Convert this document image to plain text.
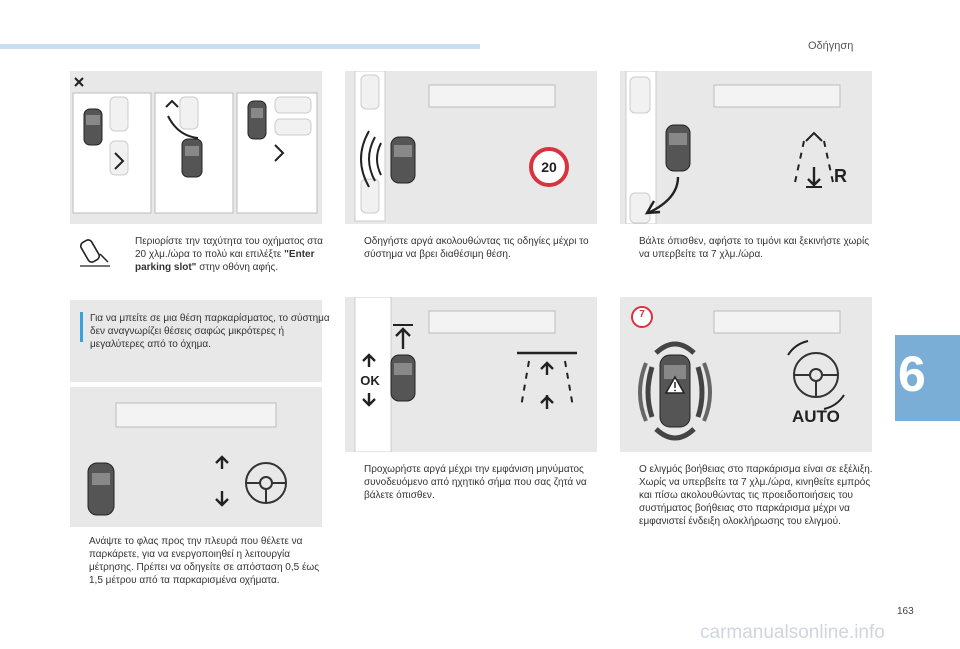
Οδήγηση
6
163
carmanualsonline.info
Περιορίστε την ταχύτητα του οχήματος στα 20 χλμ./ώρα το πολύ και επιλέξτε "Enter parking slot" στην οθόνη αφής.
Για να μπείτε σε μια θέση παρκαρίσματος, το σύστημα δεν αναγνωρίζει θέσεις σαφώς μικρότερες ή μεγαλύτερες από το όχημα.
Ανάψτε το φλας προς την πλευρά που θέλετε να παρκάρετε, για να ενεργοποιηθεί η λειτουργία μέτρησης. Πρέπει να οδηγείτε σε απόσταση 0,5 έως 1,5 μέτρου από τα παρκαρισμένα οχήματα.
20
Οδηγήστε αργά ακολουθώντας τις οδηγίες μέχρι το σύστημα να βρει διαθέσιμη θέση.
OK
Προχωρήστε αργά μέχρι την εμφάνιση μηνύματος συνοδευόμενο από ηχητικό σήμα που σας ζητά να βάλετε όπισθεν.
R
Βάλτε όπισθεν, αφήστε το τιμόνι και ξεκινήστε χωρίς να υπερβείτε τα 7 χλμ./ώρα.
7
AUTO
Ο ελιγμός βοήθειας στο παρκάρισμα είναι σε εξέλιξη.
Χωρίς να υπερβείτε τα 7 χλμ./ώρα, κινηθείτε εμπρός και πίσω ακολουθώντας τις προειδοποιήσεις του συστήματος βοήθειας στο παρκάρισμα μέχρι να εμφανιστεί ένδειξη ολοκλήρωσης του ελιγμού.
